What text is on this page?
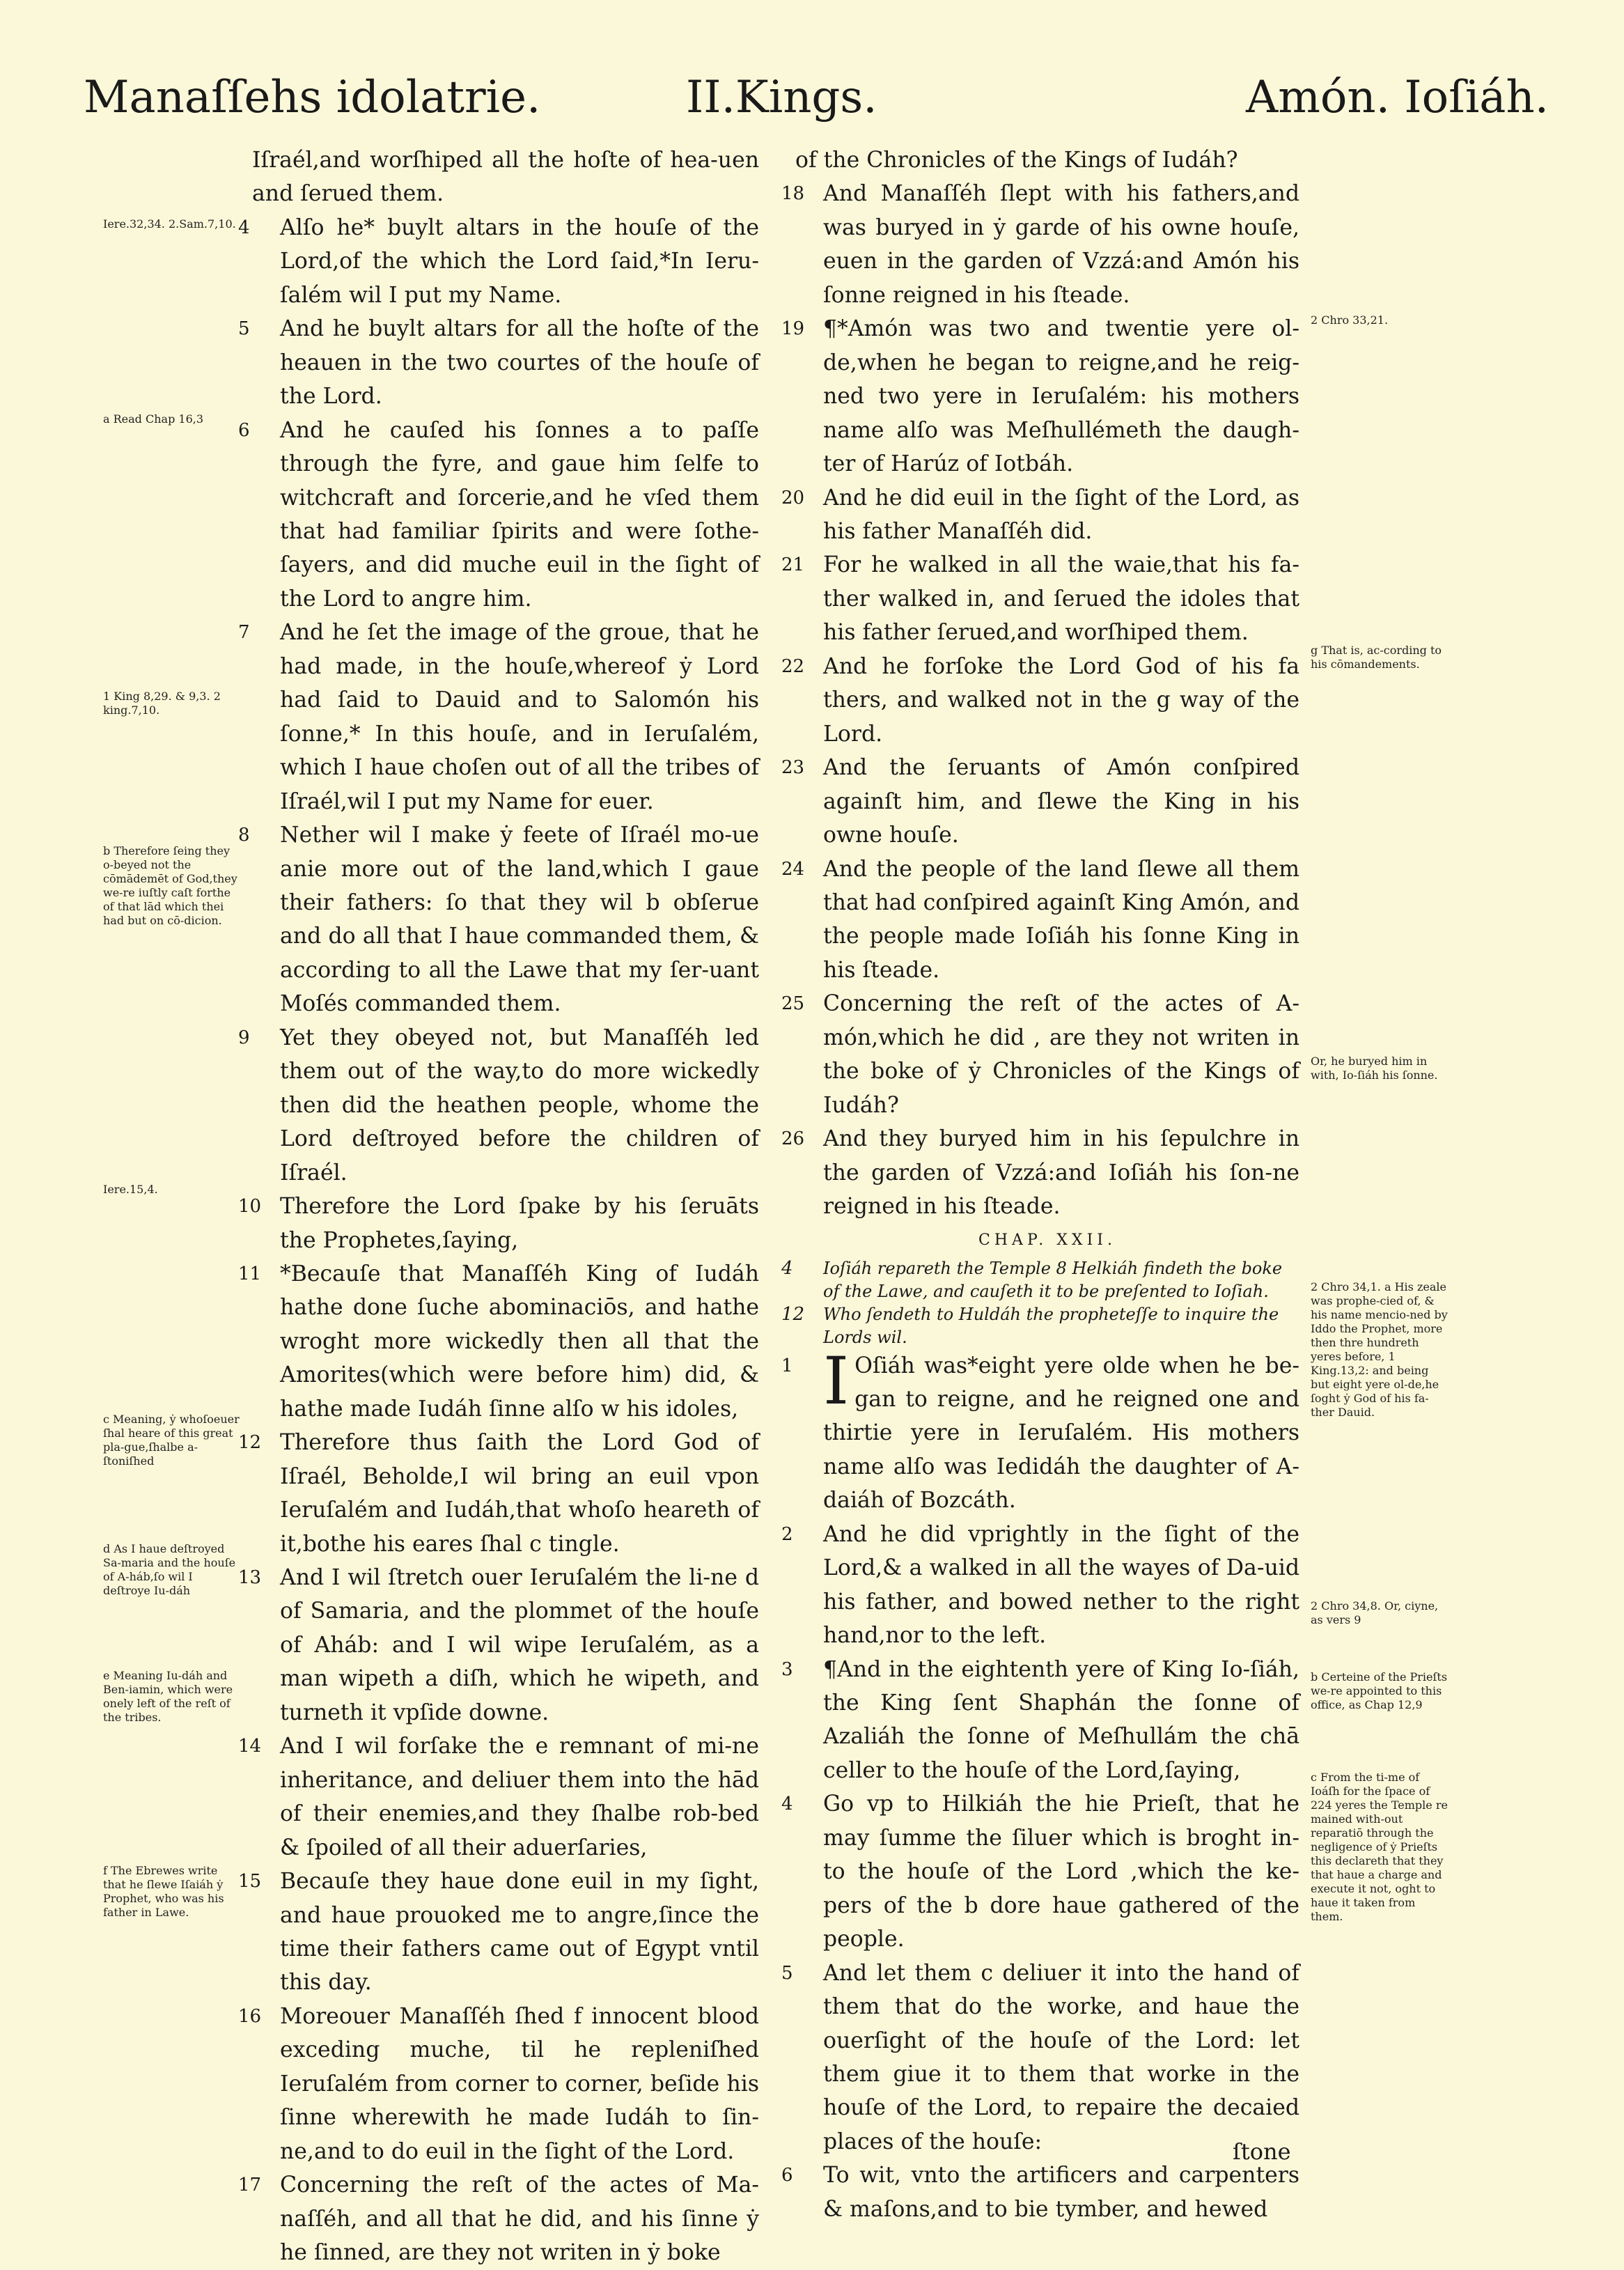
Manaſſehs idolatrie.	II.Kings.	Amón. Ioſiáh.
Iſraél,and worſhiped all the hoſte of hea-uen and ſerued them.
4 Alſo he* buylt altars in the houſe of the Lord,of the which the Lord ſaid,*In Ieru-ſalém wil I put my Name.
5 And he buylt altars for all the hoſte of the heauen in the two courtes of the houſe of the Lord.
6 And he cauſed his ſonnes a to paſſe through the fyre, and gaue him ſelfe to witchcraft and ſorcerie,and he vſed them that had familiar ſpirits and were ſothe-ſayers, and did muche euil in the ſight of the Lord to angre him.
7 And he ſet the image of the groue, that he had made, in the houſe,whereof ẏ Lord had ſaid to Dauid and to Salomón his ſonne,* In this houſe, and in Ieruſalém, which I haue choſen out of all the tribes of Iſraél,wil I put my Name for euer.
8 Nether wil I make ẏ feete of Iſraél mo-ue anie more out of the land,which I gaue their fathers: ſo that they wil b obſerue and do all that I haue commanded them, & according to all the Lawe that my ſer-uant Moſés commanded them.
9 Yet they obeyed not, but Manaſſéh led them out of the way,to do more wickedly then did the heathen people, whome the Lord deſtroyed before the children of Iſraél.
10 Therefore the Lord ſpake by his ſeruāts the Prophetes,ſaying,
11 *Becauſe that Manaſſéh King of Iudáh hathe done ſuche abominaciōs, and hathe wroght more wickedly then all that the Amorites(which were before him) did, & hathe made Iudáh ſinne alſo w his idoles,
12 Therefore thus ſaith the Lord God of Iſraél, Beholde,I wil bring an euil vpon Ieruſalém and Iudáh,that whoſo heareth of it,bothe his eares ſhal c tingle.
13 And I wil ſtretch ouer Ieruſalém the li-ne d of Samaria, and the plommet of the houſe of Aháb: and I wil wipe Ieruſalém, as a man wipeth a diſh, which he wipeth, and turneth it vpſide downe.
14 And I wil forſake the e remnant of mi-ne inheritance, and deliuer them into the hād of their enemies,and they ſhalbe rob-bed & ſpoiled of all their aduerſaries,
15 Becauſe they haue done euil in my ſight, and haue prouoked me to angre,ſince the time their fathers came out of Egypt vntil this day.
16 Moreouer Manaſſéh ſhed f innocent blood exceding muche, til he repleniſhed Ieruſalém from corner to corner, beſide his ſinne wherewith he made Iudáh to ſin-ne,and to do euil in the ſight of the Lord.
17 Concerning the reſt of the actes of Ma-naſſéh, and all that he did, and his ſinne ẏ he ſinned, are they not writen in ẏ boke
of the Chronicles of the Kings of Iudáh?
18 And Manaſſéh ſlept with his fathers,and was buryed in ẏ garde of his owne houſe, euen in the garden of Vzzá:and Amón his ſonne reigned in his ſteade.
19 ¶*Amón was two and twentie yere ol-de,when he began to reigne,and he reig-ned two yere in Ieruſalém: his mothers name alſo was Meſhullémeth the daugh-ter of Harúz of Iotbáh.
20 And he did euil in the ſight of the Lord, as his father Manaſſéh did.
21 For he walked in all the waie,that his fa-ther walked in, and ſerued the idoles that his father ſerued,and worſhiped them.
22 And he forſoke the Lord God of his fa thers, and walked not in the g way of the Lord.
23 And the ſeruants of Amón conſpired againſt him, and ſlewe the King in his owne houſe.
24 And the people of the land ſlewe all them that had conſpired againſt King Amón, and the people made Ioſiáh his ſonne King in his ſteade.
25 Concerning the reſt of the actes of A-món,which he did , are they not writen in the boke of ẏ Chronicles of the Kings of Iudáh?
26 And they buryed him in his ſepulchre in the garden of Vzzá:and Ioſiáh his ſon-ne reigned in his ſteade.
CHAP. XXII.
4 Ioſiáh repareth the Temple 8 Helkiáh findeth the boke of the Lawe, and cauſeth it to be preſented to Ioſiah.
12 Who ſendeth to Huldáh the propheteſſe to inquire the Lords wil.
1 I Oſiáh was*eight yere olde when he be-gan to reigne, and he reigned one and thirtie yere in Ieruſalém. His mothers name alſo was Iedidáh the daughter of A-daiáh of Bozcáth.
2 And he did vprightly in the ſight of the Lord,& a walked in all the wayes of Da-uid his father, and bowed nether to the right hand,nor to the left.
3 ¶And in the eightenth yere of King Io-ſiáh, the King ſent Shaphán the ſonne of Azaliáh the ſonne of Meſhullám the chā celler to the houſe of the Lord,ſaying,
4 Go vp to Hilkiáh the hie Prieſt, that he may ſumme the ſiluer which is broght in-to the houſe of the Lord ,which the ke-pers of the b dore haue gathered of the people.
5 And let them c deliuer it into the hand of them that do the worke, and haue the ouerſight of the houſe of the Lord: let them giue it to them that worke in the houſe of the Lord, to repaire the decaied places of the houſe:
6 To wit, vnto the artificers and carpenters & maſons,and to bie tymber, and hewed
ſtone
Iere.32,34. 2.Sam.7,10.
a Read Chap 16,3
1 King 8,29. & 9,3. 2 king.7,10.
b Therefore ſeing they o-beyed not the cōmādemēt of God,they we-re iuſtly caſt forthe of that lād which thei had but on cō-dicion.
Iere.15,4.
c Meaning, ẏ whoſoeuer ſhal heare of this great pla-gue,ſhalbe a-ſtoniſhed
d As I haue deſtroyed Sa-maria and the houſe of A-háb,ſo wil I deſtroye Iu-dáh
e Meaning Iu-dáh and Ben-iamin, which were onely left of the reſt of the tribes.
f The Ebrewes write that he ſlewe Iſaiáh ẏ Prophet, who was his father in Lawe.
2 Chro 33,21.
g That is, ac-cording to his cōmandements.
Or, he buryed him in with, Io-ſiáh his ſonne.
2 Chro 34,1. a His zeale was prophe-cied of, & his name mencio-ned by Iddo the Prophet, more then thre hundreth yeres before, 1 King.13,2: and being but eight yere ol-de,he ſoght ẏ God of his fa-ther Dauid.
2 Chro 34,8. Or, ciyne, as vers 9
b Certeine of the Prieſts we-re appointed to this office, as Chap 12,9
c From the ti-me of Ioáſh for the ſpace of 224 yeres the Temple re mained with-out reparatiō through the negligence of ẏ Prieſts this declareth that they that haue a charge and execute it not, oght to haue it taken from them.
